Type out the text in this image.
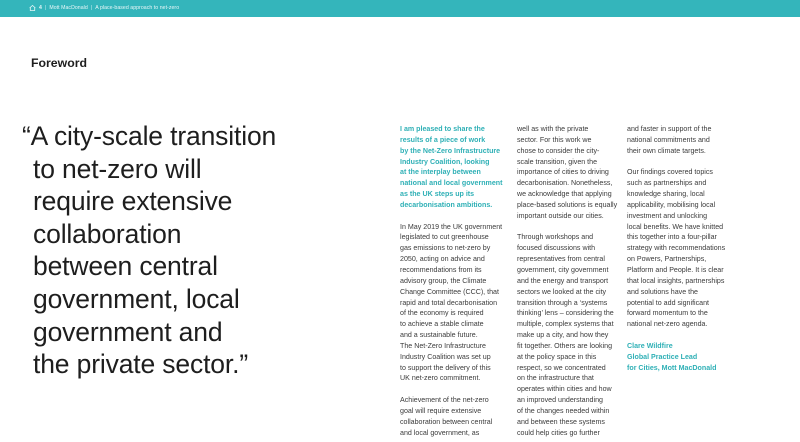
4 | Mott MacDonald | A place-based approach to net-zero
Foreword
“A city-scale transition
to net-zero will
require extensive
collaboration
between central
government, local
government and
the private sector.”
I am pleased to share the
results of a piece of work
by the Net-Zero Infrastructure
Industry Coalition, looking
at the interplay between
national and local government
as the UK steps up its
decarbonisation ambitions.
In May 2019 the UK government
legislated to cut greenhouse
gas emissions to net-zero by
2050, acting on advice and
recommendations from its
advisory group, the Climate
Change Committee (CCC), that
rapid and total decarbonisation
of the economy is required
to achieve a stable climate
and a sustainable future.
The Net-Zero Infrastructure
Industry Coalition was set up
to support the delivery of this
UK net-zero commitment.
Achievement of the net-zero
goal will require extensive
collaboration between central
and local government, as
well as with the private
sector. For this work we
chose to consider the city-
scale transition, given the
importance of cities to driving
decarbonisation. Nonetheless,
we acknowledge that applying
place-based solutions is equally
important outside our cities.
Through workshops and
focused discussions with
representatives from central
government, city government
and the energy and transport
sectors we looked at the city
transition through a ‘systems
thinking’ lens – considering the
multiple, complex systems that
make up a city, and how they
fit together. Others are looking
at the policy space in this
respect, so we concentrated
on the infrastructure that
operates within cities and how
an improved understanding
of the changes needed within
and between these systems
could help cities go further
and faster in support of the
national commitments and
their own climate targets.
Our findings covered topics
such as partnerships and
knowledge sharing, local
applicability, mobilising local
investment and unlocking
local benefits. We have knitted
this together into a four-pillar
strategy with recommendations
on Powers, Partnerships,
Platform and People. It is clear
that local insights, partnerships
and solutions have the
potential to add significant
forward momentum to the
national net-zero agenda.
Clare Wildfire
Global Practice Lead
for Cities, Mott MacDonald
